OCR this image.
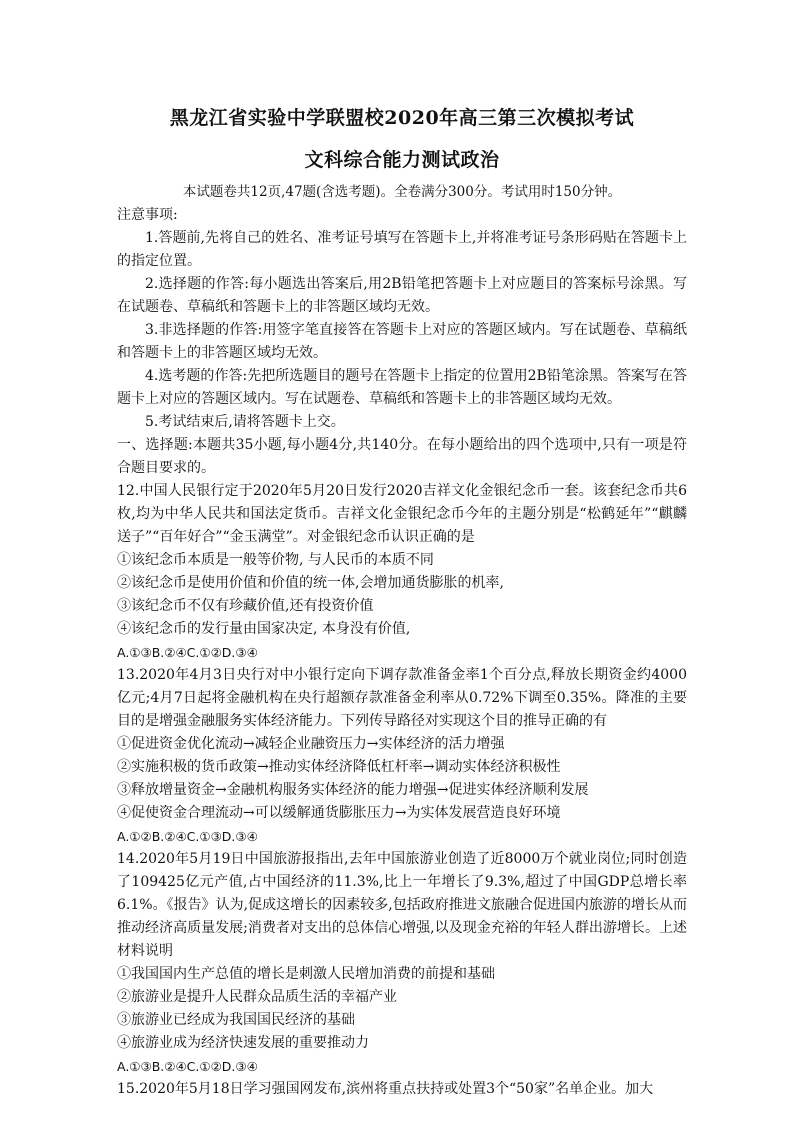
黑龙江省实验中学联盟校2020年高三第三次模拟考试

文科综合能力测试政治

本试题卷共12页,47题(含选考题)。全卷满分300分。考试用时150分钟。

注意事项:

1.答题前,先将自己的姓名、准考证号填写在答题卡上,并将准考证号条形码贴在答题卡上的指定位置。

2.选择题的作答:每小题选出答案后,用2B铅笔把答题卡上对应题目的答案标号涂黑。写在试题卷、草稿纸和答题卡上的非答题区域均无效。

3.非选择题的作答:用签字笔直接答在答题卡上对应的答题区域内。写在试题卷、草稿纸和答题卡上的非答题区域均无效。

4.选考题的作答:先把所选题目的题号在答题卡上指定的位置用2B铅笔涂黑。答案写在答题卡上对应的答题区域内。写在试题卷、草稿纸和答题卡上的非答题区域均无效。

5.考试结束后,请将答题卡上交。

一、选择题:本题共35小题,每小题4分,共140分。在每小题给出的四个选项中,只有一项是符合题目要求的。

12.中国人民银行定于2020年5月20日发行2020吉祥文化金银纪念币一套。该套纪念币共6枚,均为中华人民共和国法定货币。吉祥文化金银纪念币今年的主题分别是“松鹤延年”“麒麟送子”“百年好合”“金玉满堂”。对金银纪念币认识正确的是

①该纪念币本质是一般等价物, 与人民币的本质不同

②该纪念币是使用价值和价值的统一体,会增加通货膨胀的机率,

③该纪念币不仅有珍藏价值,还有投资价值

④该纪念币的发行量由国家决定, 本身没有价值,

A.①③B.②④C.①②D.③④

13.2020年4月3日央行对中小银行定向下调存款准备金率1个百分点,释放长期资金约4000亿元;4月7日起将金融机构在央行超额存款准备金利率从0.72%下调至0.35%。降准的主要目的是增强金融服务实体经济能力。下列传导路径对实现这个目的推导正确的有

①促进资金优化流动→减轻企业融资压力→实体经济的活力增强

②实施积极的货币政策→推动实体经济降低杠杆率→调动实体经济积极性

③释放增量资金→金融机构服务实体经济的能力增强→促进实体经济顺利发展

④促使资金合理流动→可以缓解通货膨胀压力→为实体发展营造良好环境

A.①②B.②④C.①③D.③④

14.2020年5月19日中国旅游报指出,去年中国旅游业创造了近8000万个就业岗位;同时创造了109425亿元产值,占中国经济的11.3%,比上一年增长了9.3%,超过了中国GDP总增长率6.1%。《报告》认为,促成这增长的因素较多,包括政府推进文旅融合促进国内旅游的增长从而推动经济高质量发展;消费者对支出的总体信心增强,以及现金充裕的年轻人群出游增长。上述材料说明

①我国国内生产总值的增长是刺激人民增加消费的前提和基础

②旅游业是提升人民群众品质生活的幸福产业

③旅游业已经成为我国国民经济的基础

④旅游业成为经济快速发展的重要推动力

A.①③B.②④C.①②D.③④

15.2020年5月18日学习强国网发布,滨州将重点扶持或处置3个“50家”名单企业。加大
